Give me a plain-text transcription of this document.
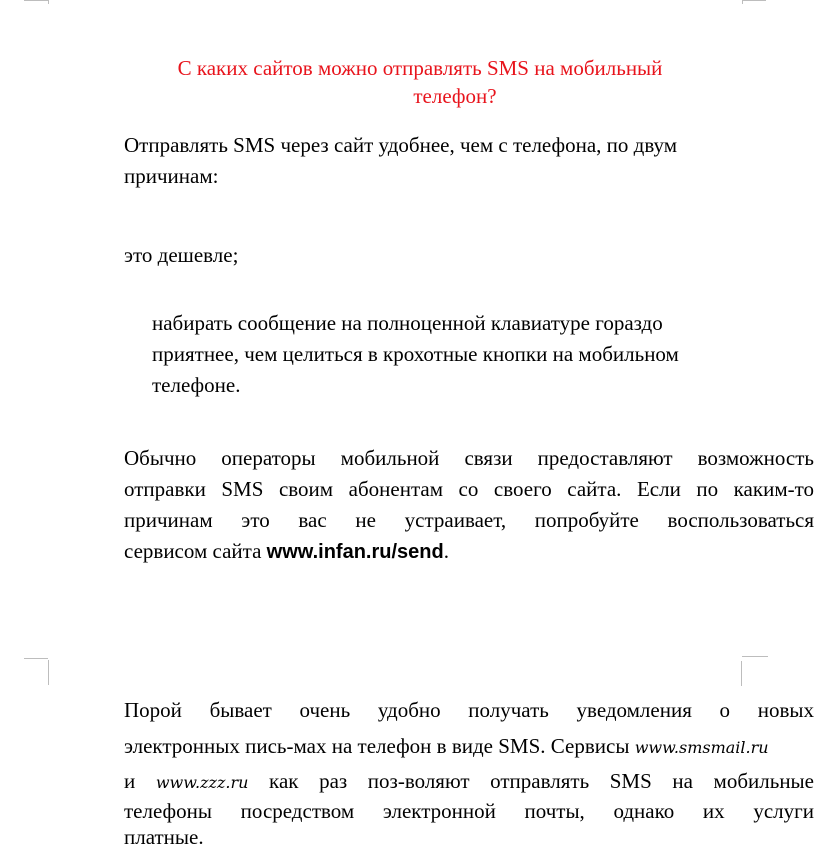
С каких сайтов можно отправлять SMS на мобильный
телефон?
Отправлять SMS через сайт удобнее, чем с телефона, по двум
причинам:
это дешевле;
набирать сообщение на полноценной клавиатуре гораздо
приятнее, чем целиться в крохотные кнопки на мобильном
телефоне.
Обычно операторы мобильной связи предоставляют возможность
отправки SMS своим абонентам со своего сайта. Если по каким-то
причинам это вас не устраивает, попробуйте воспользоваться
сервисом сайта www.infan.ru/send.
Порой бывает очень удобно получать уведомления о новых
электронных пись-мах на телефон в виде SMS. Сервисы www.smsmail.ru
и www.zzz.ru как раз поз-воляют отправлять SMS на мобильные
телефоны посредством электронной почты, однако их услуги
платные.
